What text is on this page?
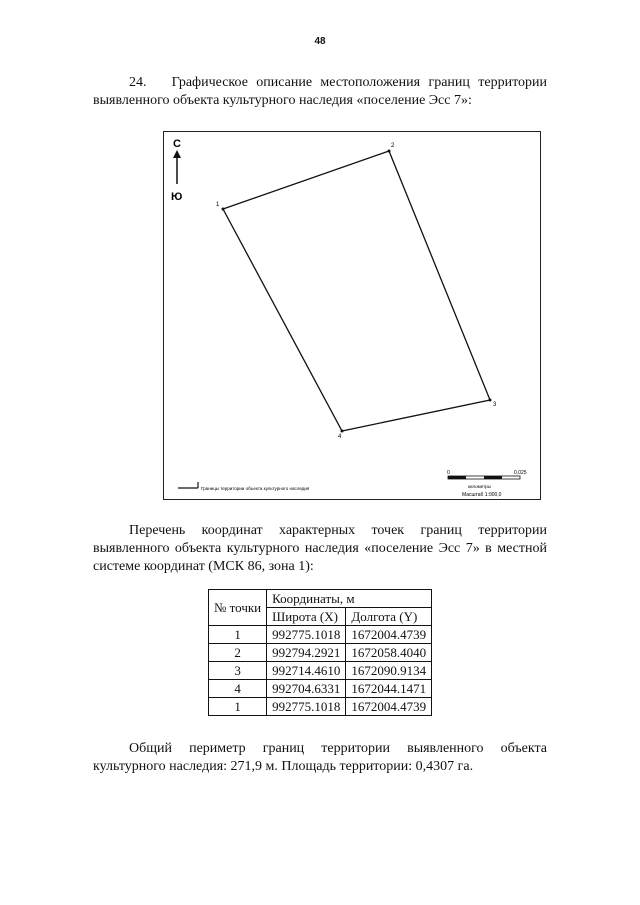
48

24. Графическое описание местоположения границ территории выявленного объекта культурного наследия «поселение Эсс 7»:

С
Ю
1
2
3
4
Границы территории объекта культурного наследия
0	0,025
километры
Масштаб 1:900,0

Перечень координат характерных точек границ территории выявленного объекта культурного наследия «поселение Эсс 7» в местной системе координат (МСК 86, зона 1):

№ точки	Координаты, м	
	Широта (X)	Долгота (Y)
1	992775.1018	1672004.4739
2	992794.2921	1672058.4040
3	992714.4610	1672090.9134
4	992704.6331	1672044.1471
1	992775.1018	1672004.4739

Общий периметр границ территории выявленного объекта культурного наследия: 271,9 м. Площадь территории: 0,4307 га.
